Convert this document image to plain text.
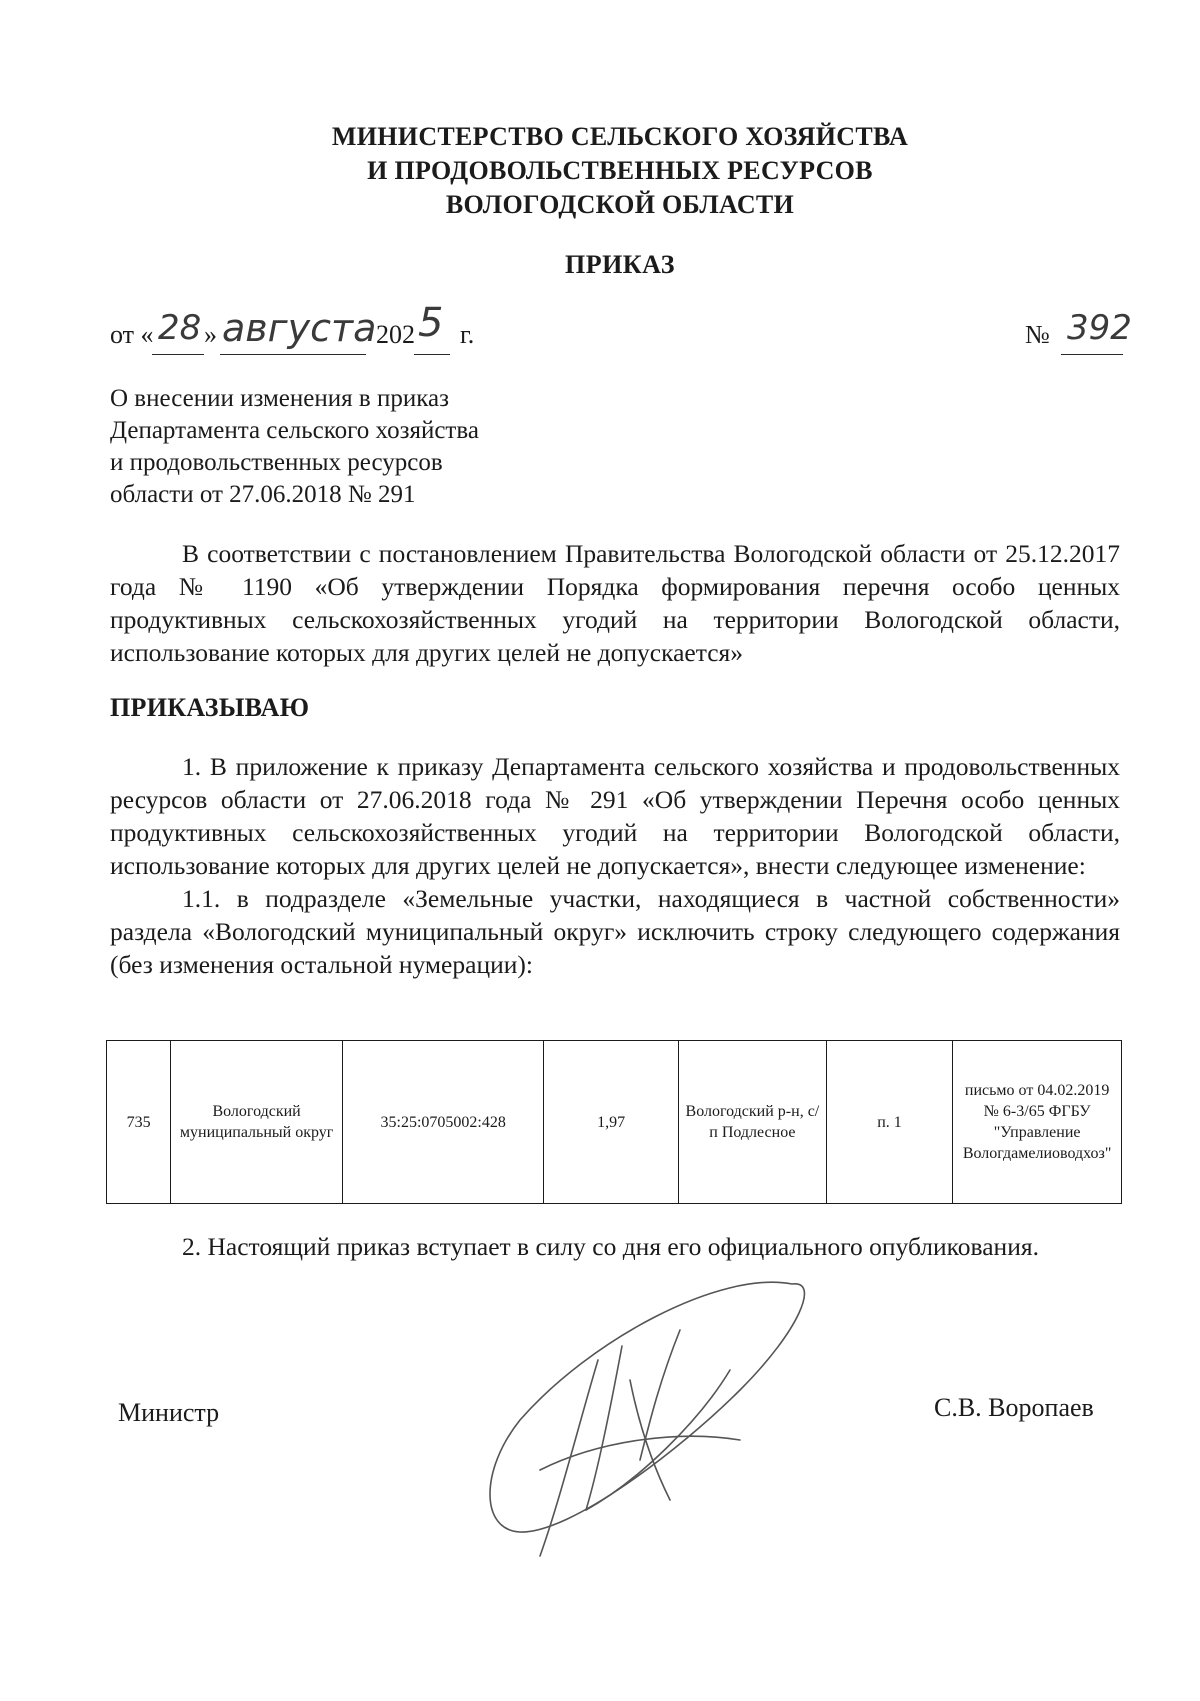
МИНИСТЕРСТВО СЕЛЬСКОГО ХОЗЯЙСТВА
И ПРОДОВОЛЬСТВЕННЫХ РЕСУРСОВ
ВОЛОГОДСКОЙ ОБЛАСТИ
ПРИКАЗ
от « 28 » августа 202 5 г.	№ 392
О внесении изменения в приказ
Департамента сельского хозяйства
и продовольственных ресурсов
области от 27.06.2018 № 291

В соответствии с постановлением Правительства Вологодской области от 25.12.2017 года № 1190 «Об утверждении Порядка формирования перечня особо ценных продуктивных сельскохозяйственных угодий на территории Вологодской области, использование которых для других целей не допускается»

ПРИКАЗЫВАЮ

1. В приложение к приказу Департамента сельского хозяйства и продовольственных ресурсов области от 27.06.2018 года № 291 «Об утверждении Перечня особо ценных продуктивных сельскохозяйственных угодий на территории Вологодской области, использование которых для других целей не допускается», внести следующее изменение:

1.1. в подразделе «Земельные участки, находящиеся в частной собственности» раздела «Вологодский муниципальный округ» исключить строку следующего содержания (без изменения остальной нумерации):

735	Вологодский муниципальный округ	35:25:0705002:428	1,97	Вологодский р-н, с/п Подлесное	п. 1	письмо от 04.02.2019 № 6-3/65 ФГБУ "Управление Вологдамелиоводхоз"

2. Настоящий приказ вступает в силу со дня его официального опубликования.

Министр	С.В. Воропаев
